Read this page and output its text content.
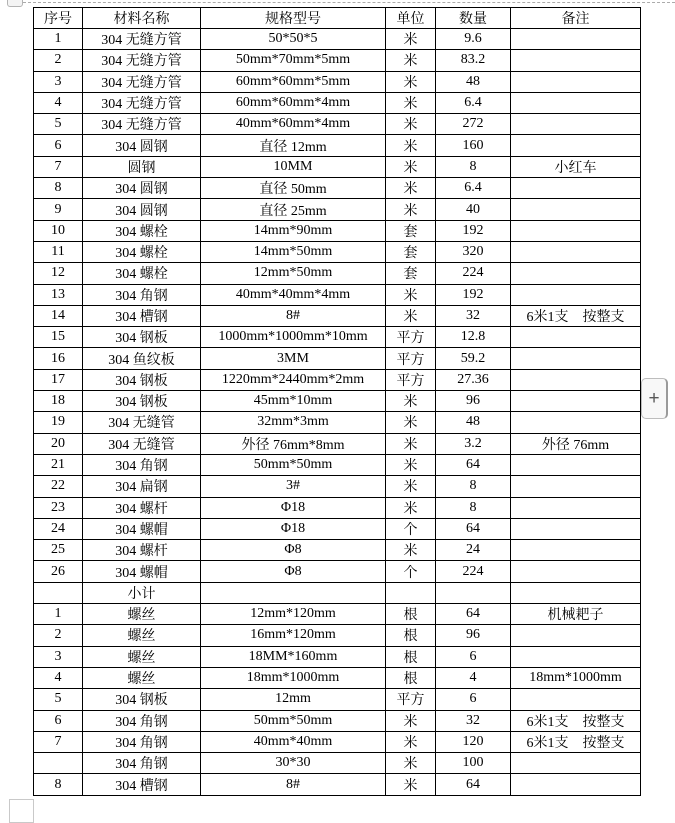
序号	材料名称	规格型号	单位	数量	备注
1	304 无缝方管	50*50*5	米	9.6	
2	304 无缝方管	50mm*70mm*5mm	米	83.2	
3	304 无缝方管	60mm*60mm*5mm	米	48	
4	304 无缝方管	60mm*60mm*4mm	米	6.4	
5	304 无缝方管	40mm*60mm*4mm	米	272	
6	304 圆钢	直径 12mm	米	160	
7	圆钢	10MM	米	8	小红车
8	304 圆钢	直径 50mm	米	6.4	
9	304 圆钢	直径 25mm	米	40	
10	304 螺栓	14mm*90mm	套	192	
11	304 螺栓	14mm*50mm	套	320	
12	304 螺栓	12mm*50mm	套	224	
13	304 角钢	40mm*40mm*4mm	米	192	
14	304 槽钢	8#	米	32	6米1支　按整支
15	304 钢板	1000mm*1000mm*10mm	平方	12.8	
16	304 鱼纹板	3MM	平方	59.2	
17	304 钢板	1220mm*2440mm*2mm	平方	27.36	
18	304 钢板	45mm*10mm	米	96	
19	304 无缝管	32mm*3mm	米	48	
20	304 无缝管	外径 76mm*8mm	米	3.2	外径 76mm
21	304 角钢	50mm*50mm	米	64	
22	304 扁钢	3#	米	8	
23	304 螺杆	Φ18	米	8	
24	304 螺帽	Φ18	个	64	
25	304 螺杆	Φ8	米	24	
26	304 螺帽	Φ8	个	224	
	小计				
1	螺丝	12mm*120mm	根	64	机械耙子
2	螺丝	16mm*120mm	根	96	
3	螺丝	18MM*160mm	根	6	
4	螺丝	18mm*1000mm	根	4	18mm*1000mm
5	304 钢板	12mm	平方	6	
6	304 角钢	50mm*50mm	米	32	6米1支　按整支
7	304 角钢	40mm*40mm	米	120	6米1支　按整支
	304 角钢	30*30	米	100	
8	304 槽钢	8#	米	64	
+
